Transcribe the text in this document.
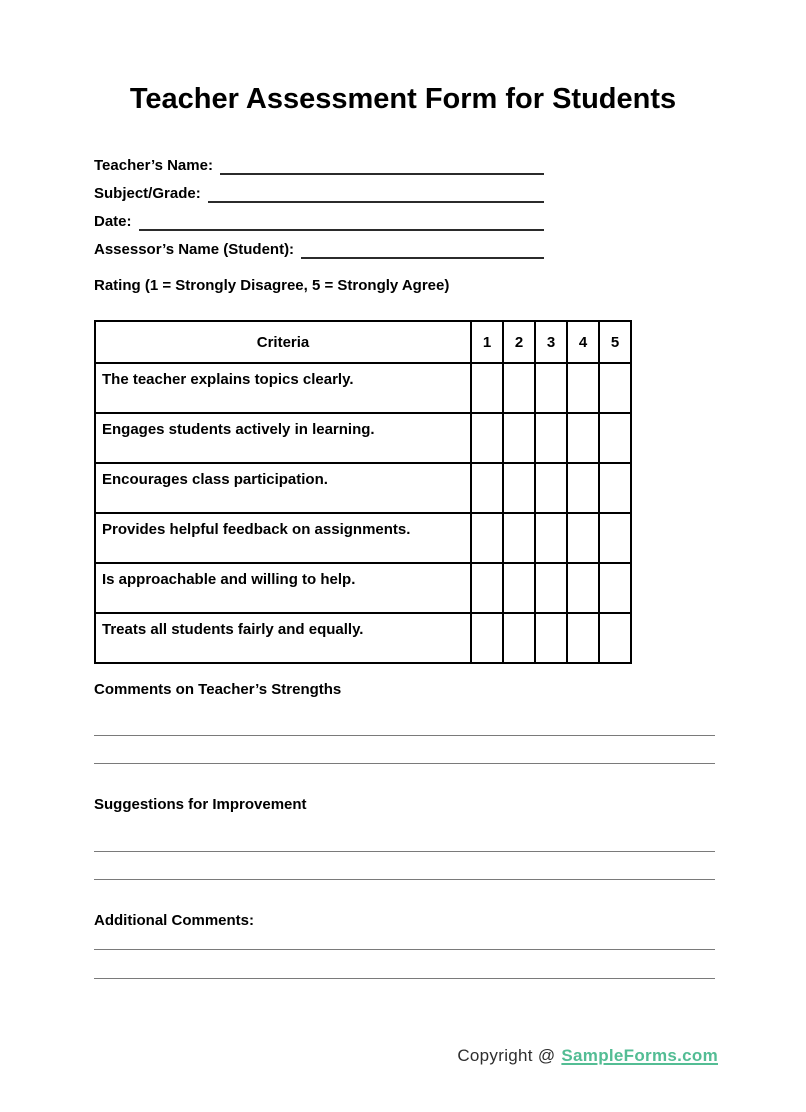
Teacher Assessment Form for Students
Teacher’s Name:
Subject/Grade:
Date:
Assessor’s Name (Student):
Rating (1 = Strongly Disagree, 5 = Strongly Agree)
Criteria	1	2	3	4	5
The teacher explains topics clearly.					
Engages students actively in learning.					
Encourages class participation.					
Provides helpful feedback on assignments.					
Is approachable and willing to help.					
Treats all students fairly and equally.					
Comments on Teacher’s Strengths
Suggestions for Improvement
Additional Comments:
Copyright @ SampleForms.com
